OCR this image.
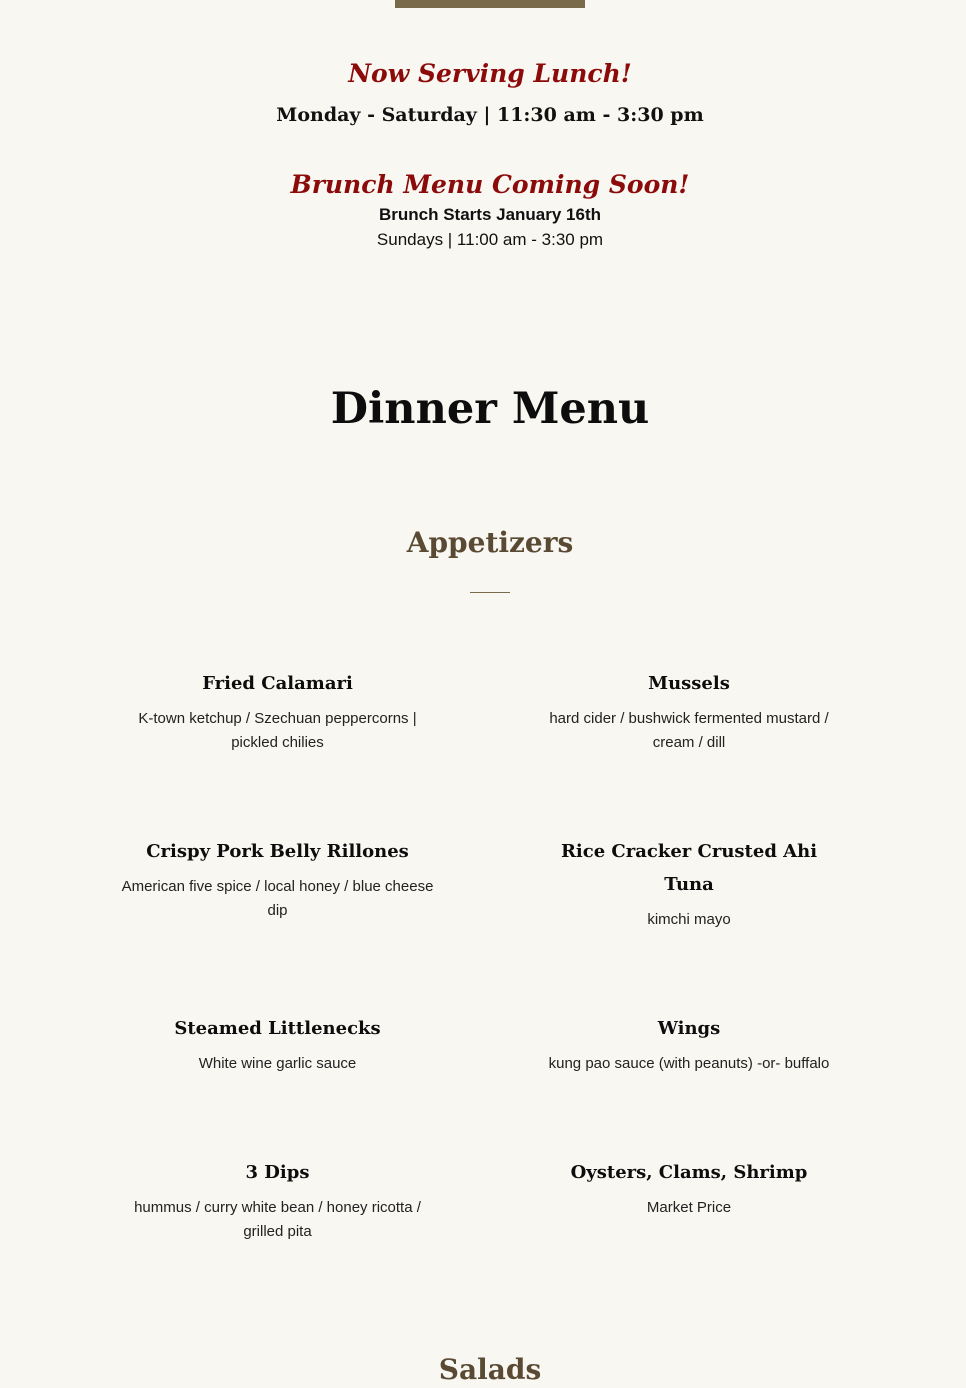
Now Serving Lunch!
Monday - Saturday | 11:30 am - 3:30 pm
Brunch Menu Coming Soon!
Brunch Starts January 16th
Sundays | 11:00 am - 3:30 pm
Dinner Menu
Appetizers
Fried Calamari
K-town ketchup / Szechuan peppercorns | pickled chilies
Mussels
hard cider / bushwick fermented mustard / cream / dill
Crispy Pork Belly Rillones
American five spice / local honey / blue cheese dip
Rice Cracker Crusted Ahi Tuna
kimchi mayo
Steamed Littlenecks
White wine garlic sauce
Wings
kung pao sauce (with peanuts) -or- buffalo
3 Dips
hummus / curry white bean / honey ricotta / grilled pita
Oysters, Clams, Shrimp
Market Price
Salads
